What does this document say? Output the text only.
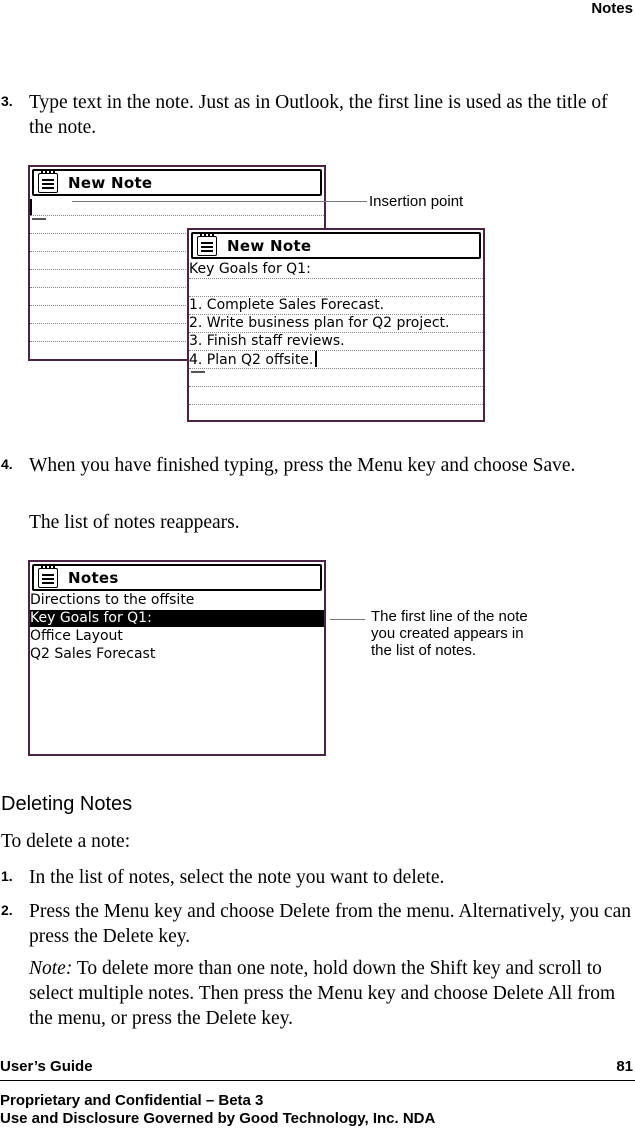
Notes
3. Type text in the note. Just as in Outlook, the first line is used as the title of the note.
New Note
Insertion point
New Note
Key Goals for Q1:
1. Complete Sales Forecast.
2. Write business plan for Q2 project.
3. Finish staff reviews.
4. Plan Q2 offsite.
4. When you have finished typing, press the Menu key and choose Save.
The list of notes reappears.
Notes
Directions to the offsite
Key Goals for Q1:
Office Layout
Q2 Sales Forecast
The first line of the note
you created appears in
the list of notes.
Deleting Notes
To delete a note:
1. In the list of notes, select the note you want to delete.
2. Press the Menu key and choose Delete from the menu. Alternatively, you can press the Delete key.
Note: To delete more than one note, hold down the Shift key and scroll to select multiple notes. Then press the Menu key and choose Delete All from the menu, or press the Delete key.
User’s Guide	81
Proprietary and Confidential – Beta 3
Use and Disclosure Governed by Good Technology, Inc. NDA
